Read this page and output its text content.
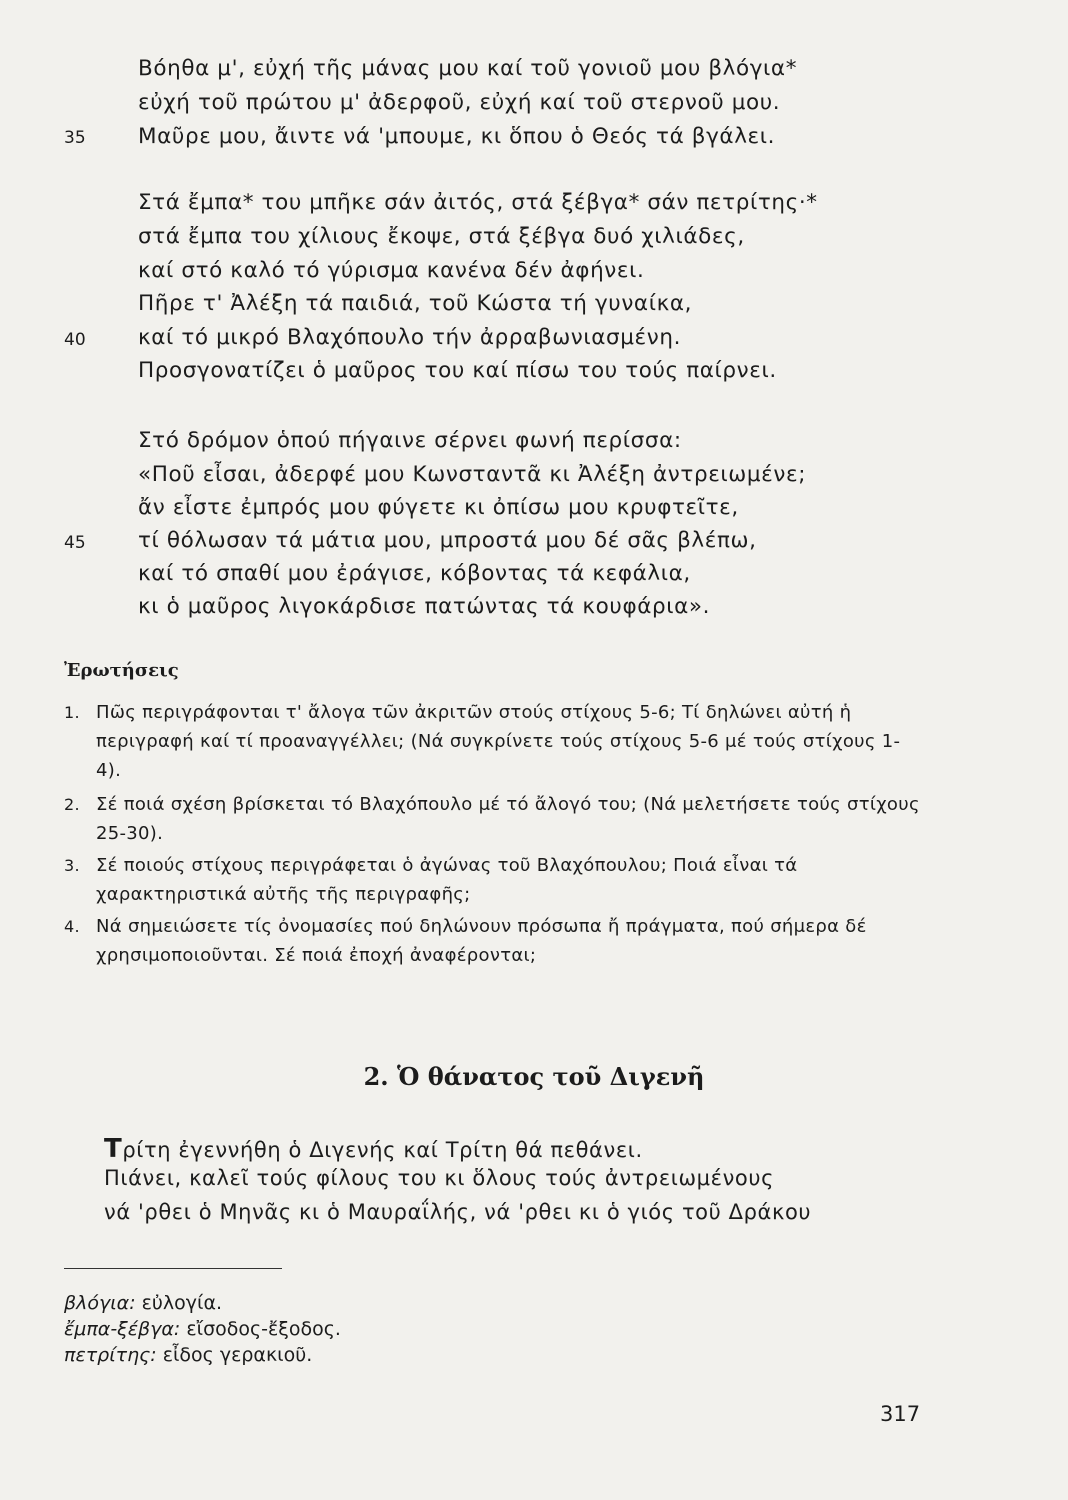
Βόηθα μ', εὐχή τῆς μάνας μου καί τοῦ γονιοῦ μου βλόγια*
εὐχή τοῦ πρώτου μ' ἀδερφοῦ, εὐχή καί τοῦ στερνοῦ μου.
35 Μαῦρε μου, ἄιντε νά 'μπουμε, κι ὅπου ὁ Θεός τά βγάλει.
Στά ἔμπα* του μπῆκε σάν ἀιτός, στά ξέβγα* σάν πετρίτης·*
στά ἔμπα του χίλιους ἔκοψε, στά ξέβγα δυό χιλιάδες,
καί στό καλό τό γύρισμα κανένα δέν ἀφήνει.
Πῆρε τ' Ἀλέξη τά παιδιά, τοῦ Κώστα τή γυναίκα,
40 καί τό μικρό Βλαχόπουλο τήν ἀρραβωνιασμένη.
Προσγονατίζει ὁ μαῦρος του καί πίσω του τούς παίρνει.
Στό δρόμον ὁπού πήγαινε σέρνει φωνή περίσσα:
«Ποῦ εἶσαι, ἀδερφέ μου Κωνσταντᾶ κι Ἀλέξη ἀντρειωμένε;
ἄν εἶστε ἐμπρός μου φύγετε κι ὀπίσω μου κρυφτεῖτε,
45 τί θόλωσαν τά μάτια μου, μπροστά μου δέ σᾶς βλέπω,
καί τό σπαθί μου ἐράγισε, κόβοντας τά κεφάλια,
κι ὁ μαῦρος λιγοκάρδισε πατώντας τά κουφάρια».
Ἐρωτήσεις
1. Πῶς περιγράφονται τ' ἄλογα τῶν ἀκριτῶν στούς στίχους 5-6; Τί δηλώνει αὐτή ἡ περιγραφή καί τί προαναγγέλλει; (Νά συγκρίνετε τούς στίχους 5-6 μέ τούς στίχους 1-4).
2. Σέ ποιά σχέση βρίσκεται τό Βλαχόπουλο μέ τό ἄλογό του; (Νά μελετήσετε τούς στίχους 25-30).
3. Σέ ποιούς στίχους περιγράφεται ὁ ἀγώνας τοῦ Βλαχόπουλου; Ποιά εἶναι τά χαρακτηριστικά αὐτῆς τῆς περιγραφῆς;
4. Νά σημειώσετε τίς ὀνομασίες πού δηλώνουν πρόσωπα ἤ πράγματα, πού σήμερα δέ χρησιμοποιοῦνται. Σέ ποιά ἐποχή ἀναφέρονται;
2. Ὁ θάνατος τοῦ Διγενῆ
Τρίτη ἐγεννήθη ὁ Διγενής καί Τρίτη θά πεθάνει.
Πιάνει, καλεῖ τούς φίλους του κι ὅλους τούς ἀντρειωμένους
νά 'ρθει ὁ Μηνᾶς κι ὁ Μαυραΐλής, νά 'ρθει κι ὁ γιός τοῦ Δράκου
βλόγια: εὐλογία.
ἔμπα-ξέβγα: εἴσοδος-ἔξοδος.
πετρίτης: εἶδος γερακιοῦ.
317
